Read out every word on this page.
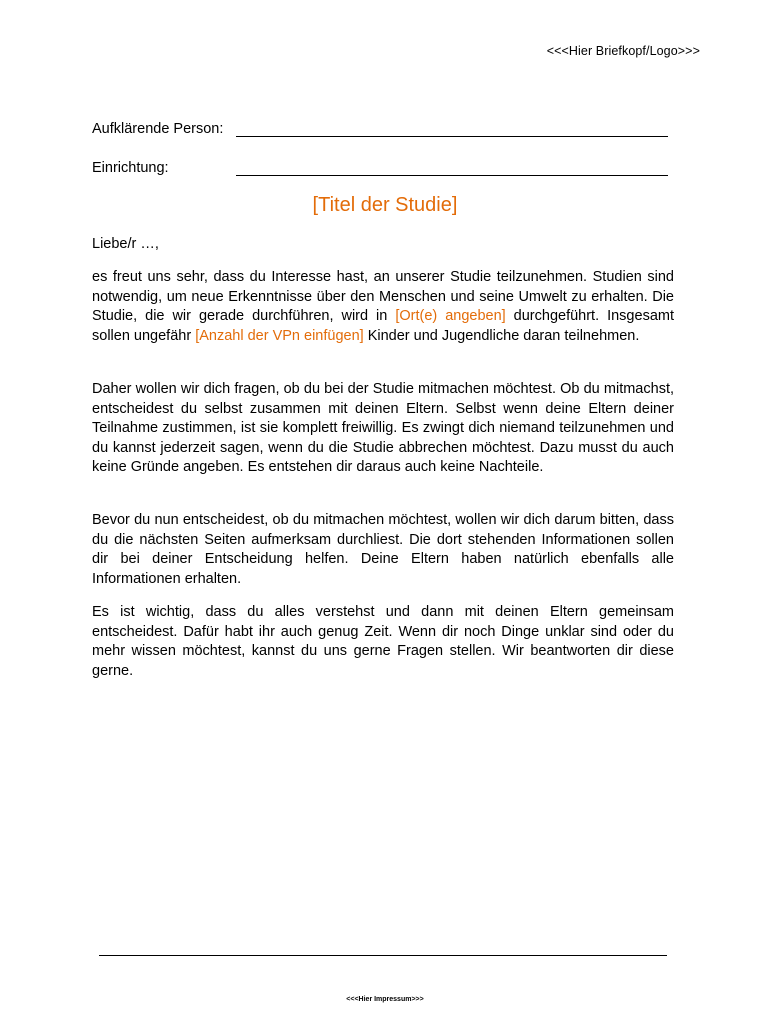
<<<Hier Briefkopf/Logo>>>
Aufklärende Person:
Einrichtung:
[Titel der Studie]
Liebe/r …,
es freut uns sehr, dass du Interesse hast, an unserer Studie teilzunehmen. Studien sind notwendig, um neue Erkenntnisse über den Menschen und seine Umwelt zu erhalten. Die Studie, die wir gerade durchführen, wird in [Ort(e) angeben] durchgeführt. Insgesamt sollen ungefähr [Anzahl der VPn einfügen] Kinder und Jugendliche daran teilnehmen.
Daher wollen wir dich fragen, ob du bei der Studie mitmachen möchtest. Ob du mitmachst, entscheidest du selbst zusammen mit deinen Eltern. Selbst wenn deine Eltern deiner Teilnahme zustimmen, ist sie komplett freiwillig. Es zwingt dich niemand teilzunehmen und du kannst jederzeit sagen, wenn du die Studie abbrechen möchtest. Dazu musst du auch keine Gründe angeben. Es entstehen dir daraus auch keine Nachteile.
Bevor du nun entscheidest, ob du mitmachen möchtest, wollen wir dich darum bitten, dass du die nächsten Seiten aufmerksam durchliest. Die dort stehenden Informationen sollen dir bei deiner Entscheidung helfen. Deine Eltern haben natürlich ebenfalls alle Informationen erhalten.
Es ist wichtig, dass du alles verstehst und dann mit deinen Eltern gemeinsam entscheidest. Dafür habt ihr auch genug Zeit. Wenn dir noch Dinge unklar sind oder du mehr wissen möchtest, kannst du uns gerne Fragen stellen. Wir beantworten dir diese gerne.
<<<Hier Impressum>>>
